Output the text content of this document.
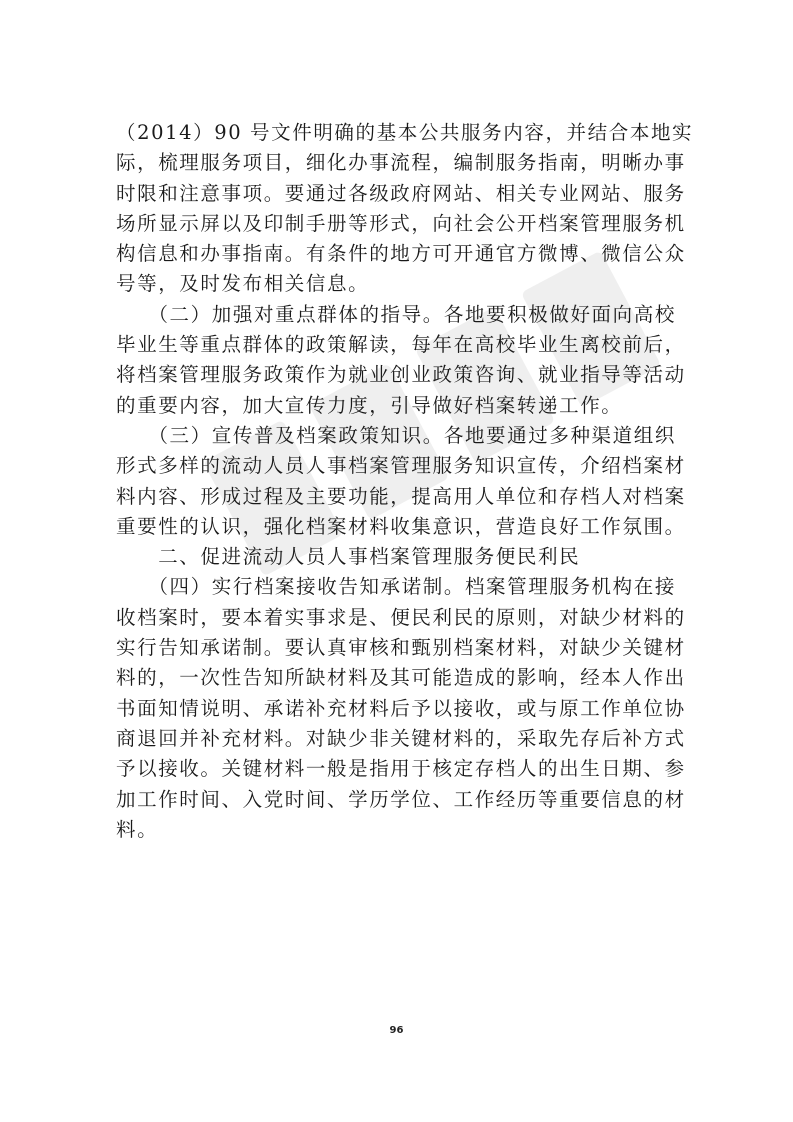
（2014）90 号文件明确的基本公共服务内容，并结合本地实
际，梳理服务项目，细化办事流程，编制服务指南，明晰办事
时限和注意事项。要通过各级政府网站、相关专业网站、服务
场所显示屏以及印制手册等形式，向社会公开档案管理服务机
构信息和办事指南。有条件的地方可开通官方微博、微信公众
号等，及时发布相关信息。
　　（二）加强对重点群体的指导。各地要积极做好面向高校
毕业生等重点群体的政策解读，每年在高校毕业生离校前后，
将档案管理服务政策作为就业创业政策咨询、就业指导等活动
的重要内容，加大宣传力度，引导做好档案转递工作。
　　（三）宣传普及档案政策知识。各地要通过多种渠道组织
形式多样的流动人员人事档案管理服务知识宣传，介绍档案材
料内容、形成过程及主要功能，提高用人单位和存档人对档案
重要性的认识，强化档案材料收集意识，营造良好工作氛围。
　　二、促进流动人员人事档案管理服务便民利民
　　（四）实行档案接收告知承诺制。档案管理服务机构在接
收档案时，要本着实事求是、便民利民的原则，对缺少材料的
实行告知承诺制。要认真审核和甄别档案材料，对缺少关键材
料的，一次性告知所缺材料及其可能造成的影响，经本人作出
书面知情说明、承诺补充材料后予以接收，或与原工作单位协
商退回并补充材料。对缺少非关键材料的，采取先存后补方式
予以接收。关键材料一般是指用于核定存档人的出生日期、参
加工作时间、入党时间、学历学位、工作经历等重要信息的材
料。
96
